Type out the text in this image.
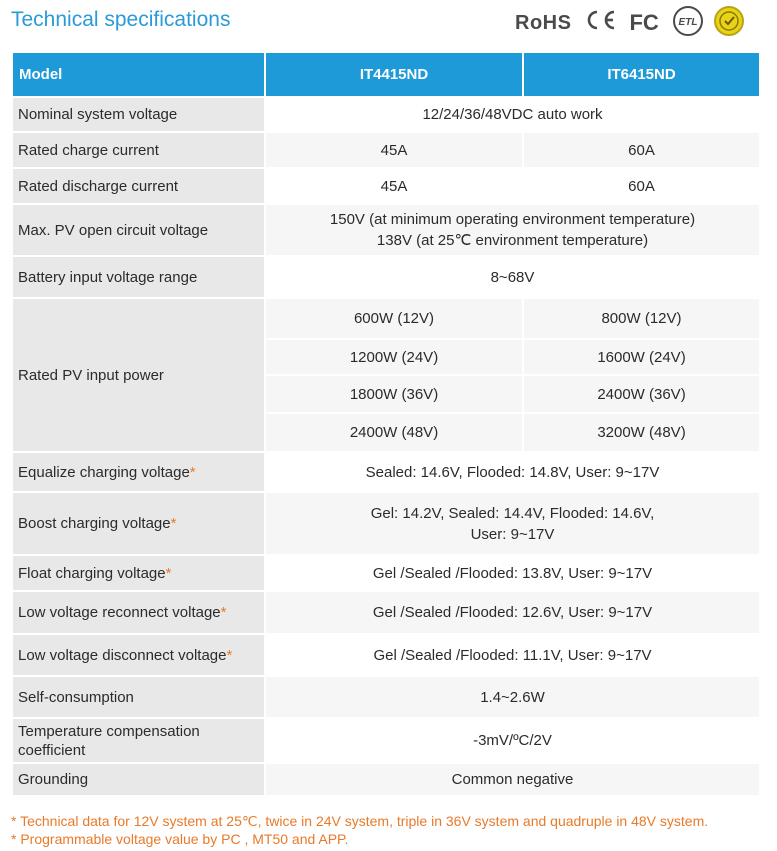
Technical specifications	RoHS	FC ETL
Model	IT4415ND	IT6415ND
Nominal system voltage	12/24/36/48VDC auto work	
Rated charge current	45A	60A
Rated discharge current	45A	60A
Max. PV open circuit voltage	150V (at minimum operating environment temperature)
138V (at 25℃ environment temperature)	

Battery input voltage range	8~68V	
Rated PV input power	600W (12V)	800W (12V)
	1200W (24V)	1600W (24V)
	1800W (36V)	2400W (36V)
	2400W (48V)	3200W (48V)
Equalize charging voltage*	Sealed: 14.6V, Flooded: 14.8V, User: 9~17V	
Boost charging voltage*	Gel: 14.2V, Sealed: 14.4V, Flooded: 14.6V,
User: 9~17V	

Float charging voltage*	Gel /Sealed /Flooded: 13.8V, User: 9~17V	
Low voltage reconnect voltage*	Gel /Sealed /Flooded: 12.6V, User: 9~17V	
Low voltage disconnect voltage*	Gel /Sealed /Flooded: 11.1V, User: 9~17V	
Self-consumption	1.4~2.6W	

Temperature compensation
coefficient	-3mV/ºC/2V	
Grounding	Common negative	
* Technical data for 12V system at 25℃, twice in 24V system, triple in 36V system and quadruple in 48V system.
* Programmable voltage value by PC , MT50 and APP.
